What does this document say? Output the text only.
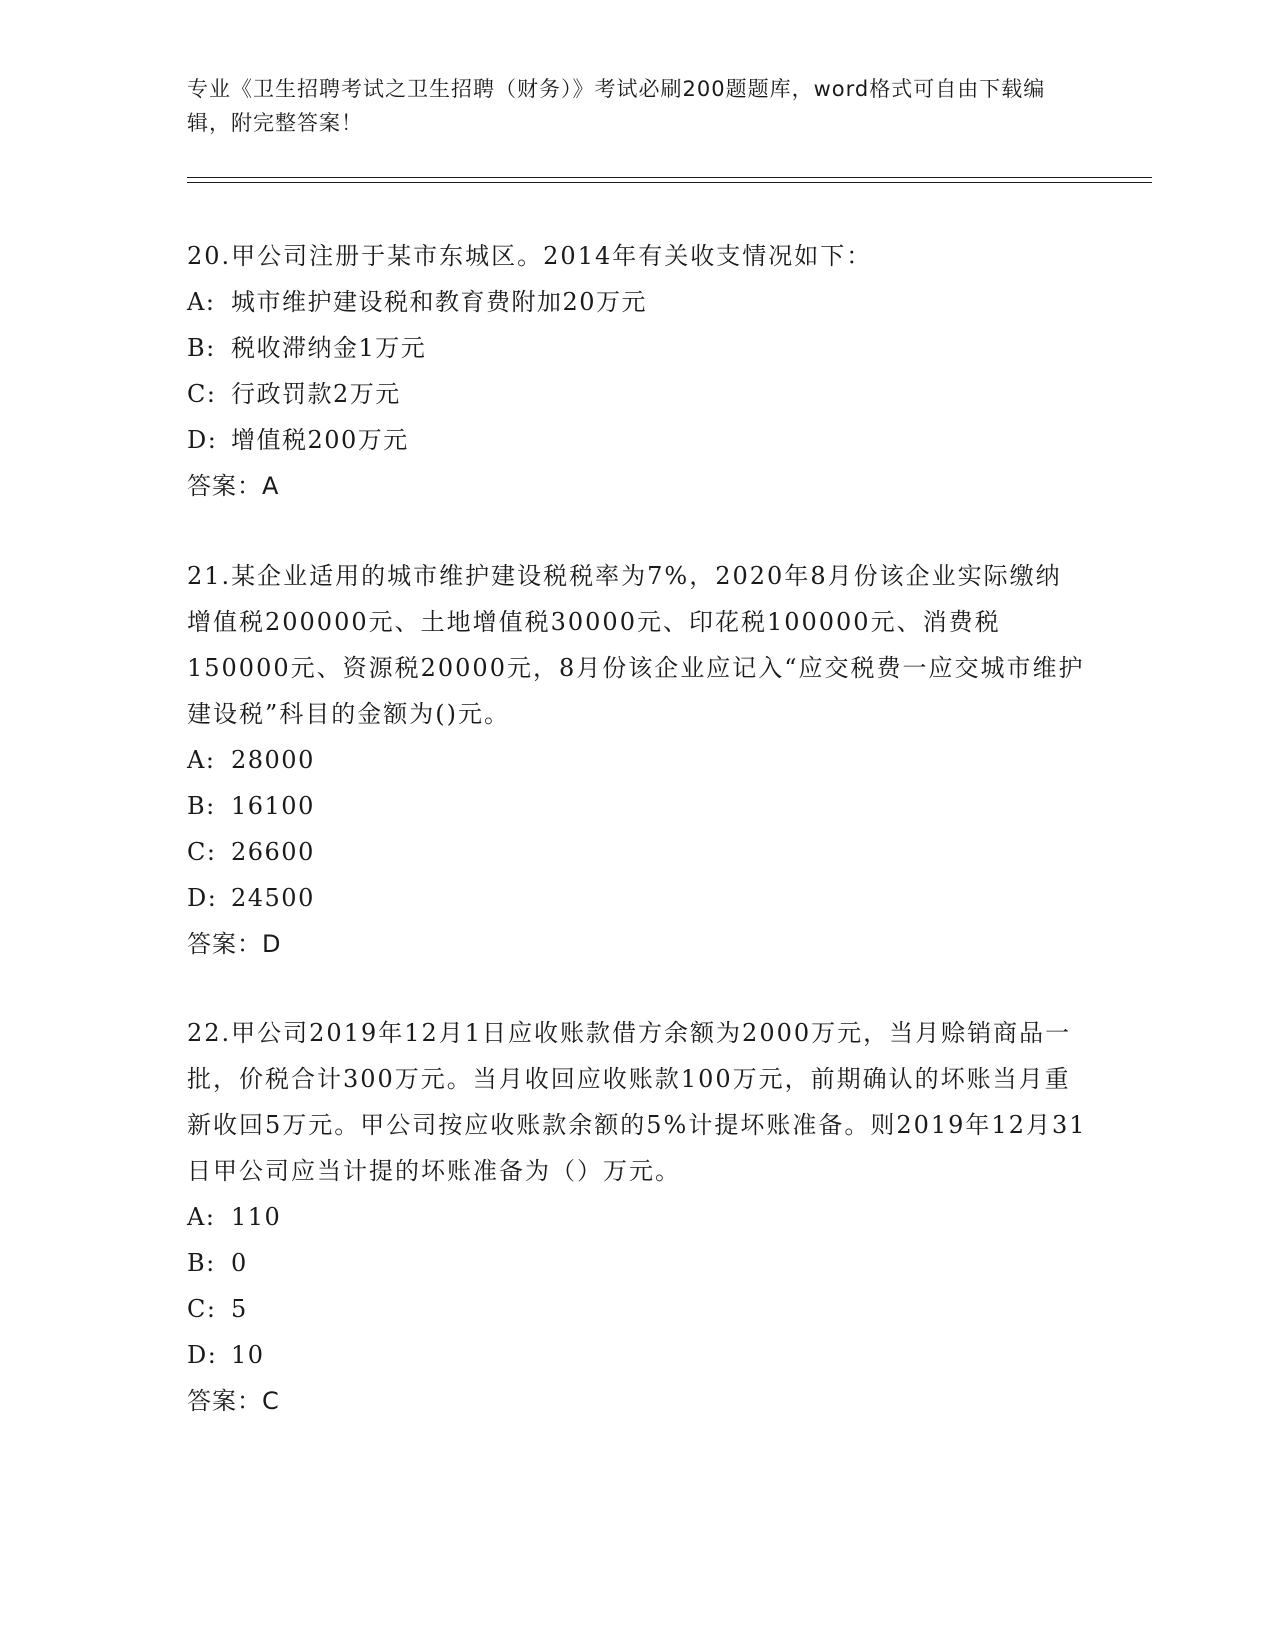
专业《卫生招聘考试之卫生招聘（财务）》考试必刷200题题库，word格式可自由下载编辑，附完整答案！

20.甲公司注册于某市东城区。2014年有关收支情况如下：

A: 城市维护建设税和教育费附加20万元
B: 税收滞纳金1万元
C: 行政罚款2万元
D: 增值税200万元
答案：A

21.某企业适用的城市维护建设税税率为7%，2020年8月份该企业实际缴纳增值税200000元、土地增值税30000元、印花税100000元、消费税150000元、资源税20000元，8月份该企业应记入“应交税费一应交城市维护建设税”科目的金额为()元。

A: 28000
B: 16100
C: 26600
D: 24500
答案：D

22.甲公司2019年12月1日应收账款借方余额为2000万元，当月赊销商品一批，价税合计300万元。当月收回应收账款100万元，前期确认的坏账当月重新收回5万元。甲公司按应收账款余额的5%计提坏账准备。则2019年12月31日甲公司应当计提的坏账准备为（）万元。

A: 110
B: 0
C: 5
D: 10
答案：C
